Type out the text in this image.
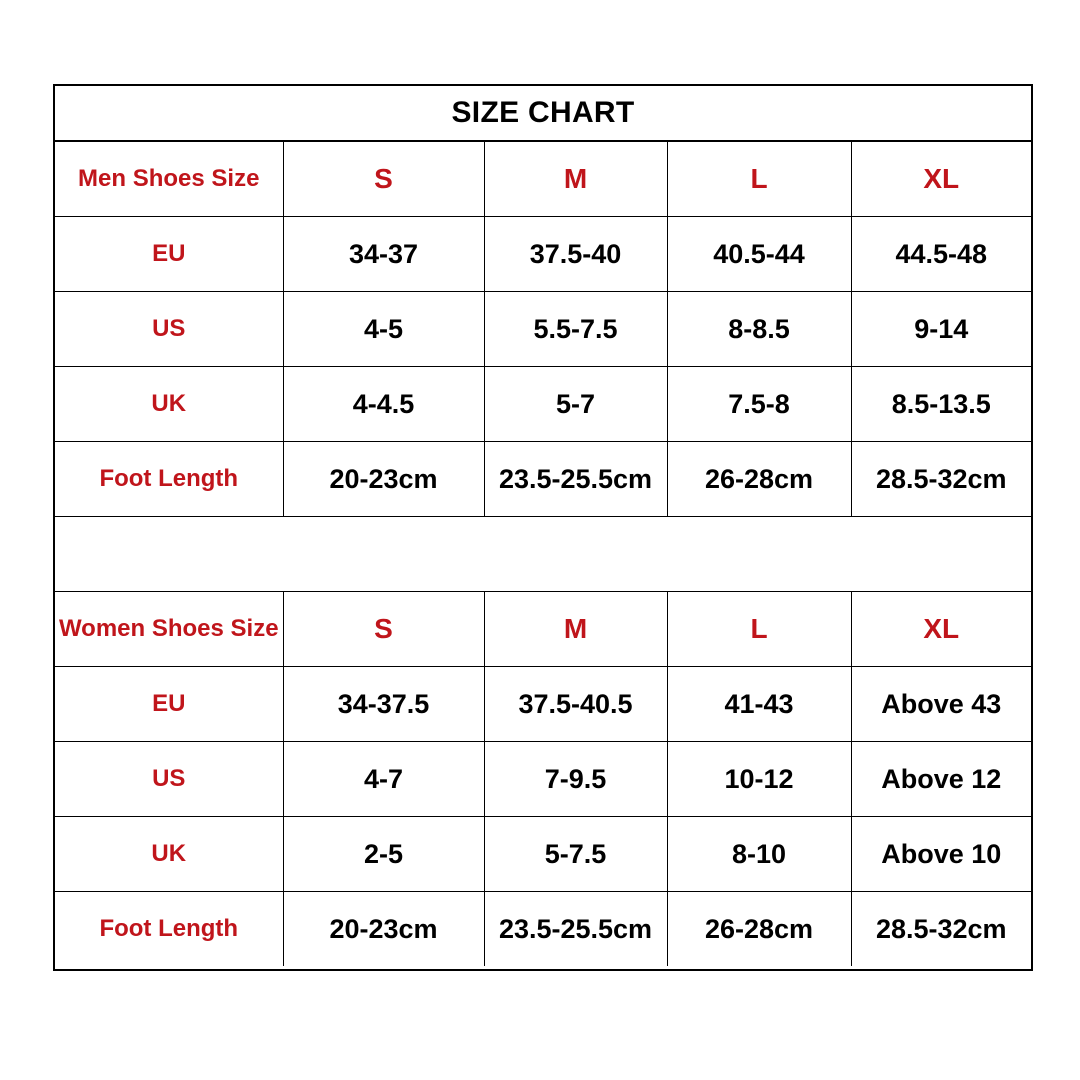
SIZE CHART
Men Shoes Size	S	M	L	XL
EU	34-37	37.5-40	40.5-44	44.5-48
US	4-5	5.5-7.5	8-8.5	9-14
UK	4-4.5	5-7	7.5-8	8.5-13.5
Foot Length	20-23cm	23.5-25.5cm	26-28cm	28.5-32cm

Women Shoes Size	S	M	L	XL
EU	34-37.5	37.5-40.5	41-43	Above 43
US	4-7	7-9.5	10-12	Above 12
UK	2-5	5-7.5	8-10	Above 10
Foot Length	20-23cm	23.5-25.5cm	26-28cm	28.5-32cm
